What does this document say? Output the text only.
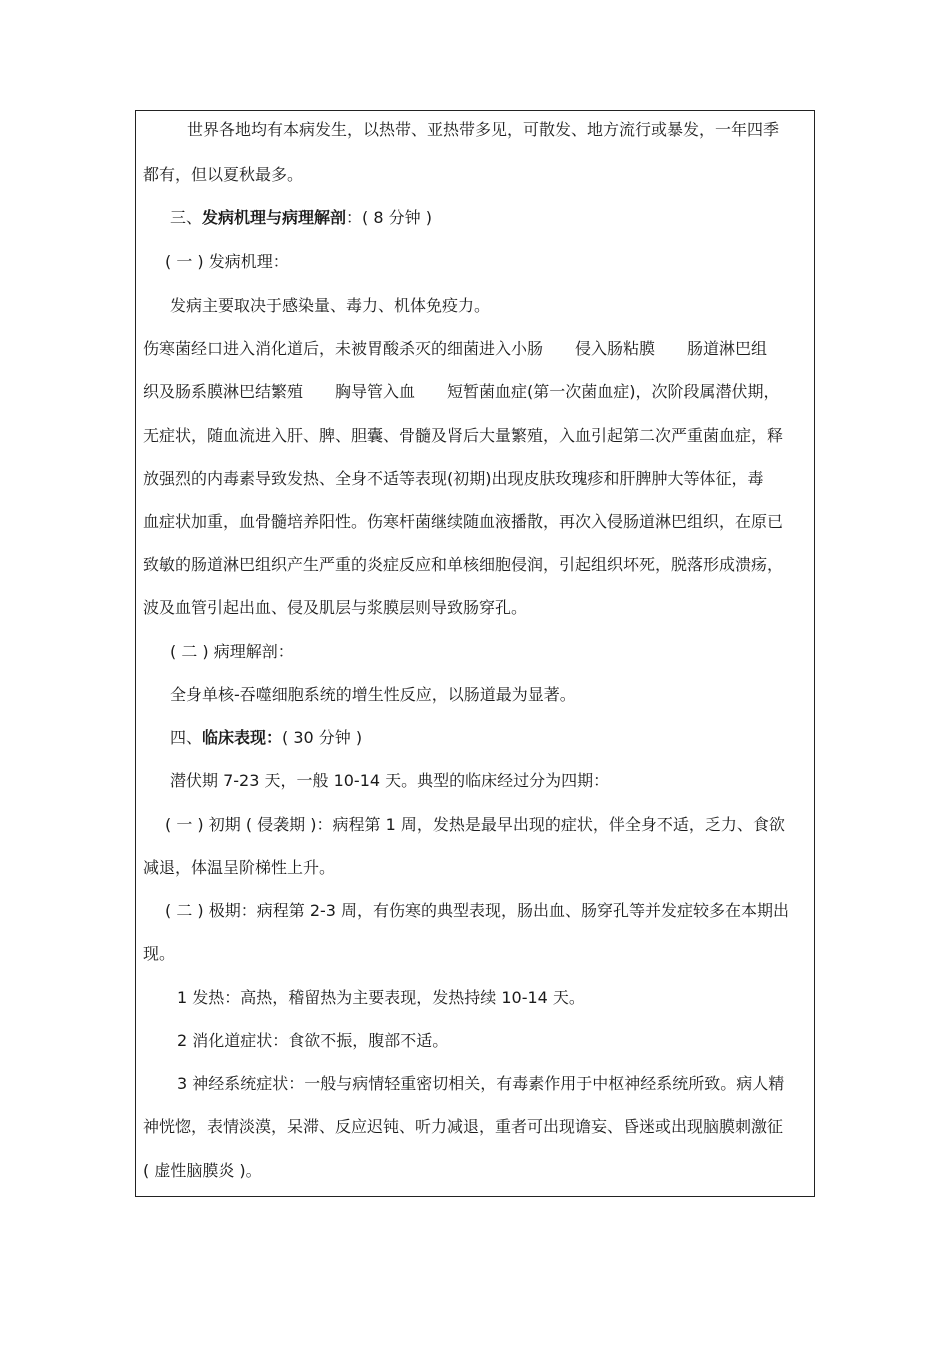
世界各地均有本病发生，以热带、亚热带多见，可散发、地方流行或暴发，一年四季
都有，但以夏秋最多。
三、发病机理与病理解剖：( 8 分钟 )
( 一 ) 发病机理：
发病主要取决于感染量、毒力、机体免疫力。
伤寒菌经口进入消化道后，未被胃酸杀灭的细菌进入小肠　　侵入肠粘膜　　肠道淋巴组
织及肠系膜淋巴结繁殖　　胸导管入血　　短暂菌血症(第一次菌血症)，次阶段属潜伏期，
无症状，随血流进入肝、脾、胆囊、骨髓及肾后大量繁殖，入血引起第二次严重菌血症，释
放强烈的内毒素导致发热、全身不适等表现(初期)出现皮肤玫瑰疹和肝脾肿大等体征，毒
血症状加重，血骨髓培养阳性。伤寒杆菌继续随血液播散，再次入侵肠道淋巴组织，在原已
致敏的肠道淋巴组织产生严重的炎症反应和单核细胞侵润，引起组织坏死，脱落形成溃疡，
波及血管引起出血、侵及肌层与浆膜层则导致肠穿孔。
( 二 ) 病理解剖：
全身单核-吞噬细胞系统的增生性反应，以肠道最为显著。
四、临床表现：( 30 分钟 )
潜伏期 7-23 天，一般 10-14 天。典型的临床经过分为四期：
( 一 ) 初期 ( 侵袭期 )：病程第 1 周，发热是最早出现的症状，伴全身不适，乏力、食欲
减退，体温呈阶梯性上升。
( 二 ) 极期：病程第 2-3 周，有伤寒的典型表现，肠出血、肠穿孔等并发症较多在本期出
现。
1 发热：高热，稽留热为主要表现，发热持续 10-14 天。
2 消化道症状：食欲不振，腹部不适。
3 神经系统症状：一般与病情轻重密切相关，有毒素作用于中枢神经系统所致。病人精
神恍惚，表情淡漠，呆滞、反应迟钝、听力减退，重者可出现谵妄、昏迷或出现脑膜刺激征
( 虚性脑膜炎 )。
